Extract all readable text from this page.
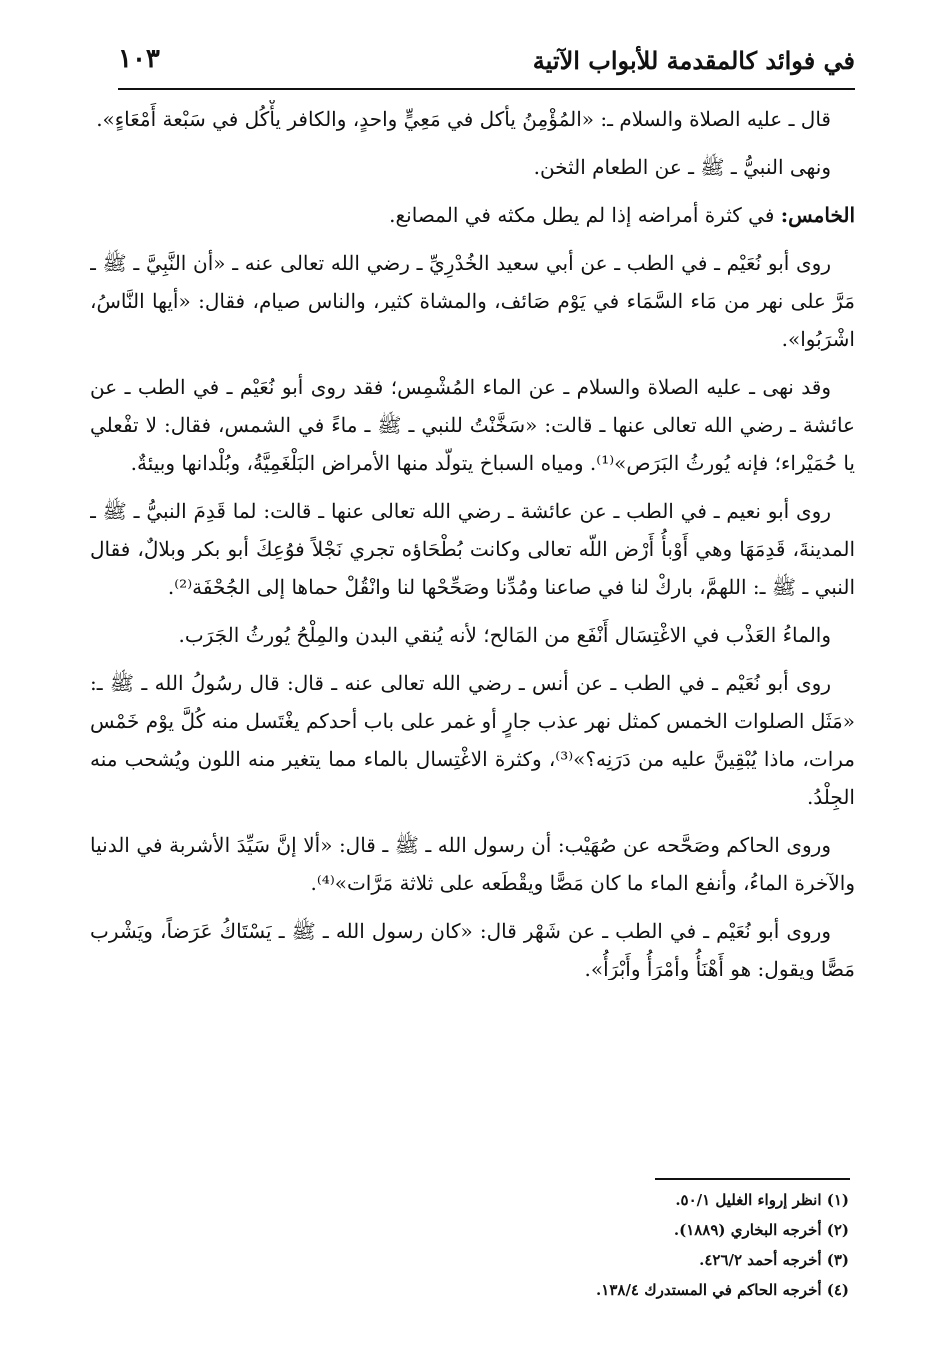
في فوائد كالمقدمة للأبواب الآتية
١٠٣

قال ـ عليه الصلاة والسلام ـ: «المُؤْمِنُ يأكل في مَعِيٍّ واحدٍ، والكافر يأْكُل في سَبْعة أَمْعَاءٍ».

ونهى النبيُّ ـ ﷺ ـ عن الطعام الثخن.

الخامس: في كثرة أمراضه إذا لم يطل مكثه في المصانع.

روى أبو نُعَيْم ـ في الطب ـ عن أبي سعيد الخُدْرِيِّ ـ رضي الله تعالى عنه ـ «أن النَّبِيَّ ـ ﷺ ـ مَرَّ على نهر من مَاء السَّمَاء في يَوْم صَائف، والمشاة كثير، والناس صيام، فقال: «أيها النَّاسُ، اشْرَبُوا».

وقد نهى ـ عليه الصلاة والسلام ـ عن الماء المُشْمِس؛ فقد روى أبو نُعَيْم ـ في الطب ـ عن عائشة ـ رضي الله تعالى عنها ـ قالت: «سَخَّنْتُ للنبي ـ ﷺ ـ ماءً في الشمس، فقال: لا تفْعلي يا حُمَيْراء؛ فإنه يُورثُ البَرَص»⁽¹⁾. ومياه السباخ يتولّد منها الأمراض البَلْغَمِيَّةُ، وبُلْدانها وبيئةٌ.

روى أبو نعيم ـ في الطب ـ عن عائشة ـ رضي الله تعالى عنها ـ قالت: لما قَدِمَ النبيُّ ـ ﷺ ـ المدينةَ، قَدِمَهَا وهي أَوْبأُ أَرْض اللّه تعالى وكانت بُطْحَاؤه تجري نَجْلاً فوُعِكَ أبو بكر وبلالٌ، فقال النبي ـ ﷺ ـ: اللهمَّ، باركْ لنا في صاعنا ومُدِّنا وصَحِّحْها لنا وانْقُلْ حماها إلى الجُحْفَة⁽²⁾.

والماءُ العَذْب في الاغْتِسَال أَنْفَع من المَالح؛ لأنه يُنقي البدن والمِلْحُ يُورثُ الجَرَب.

روى أبو نُعَيْم ـ في الطب ـ عن أنس ـ رضي الله تعالى عنه ـ قال: قال رسُولُ الله ـ ﷺ ـ: «مَثَل الصلوات الخمس كمثل نهر عذب جارٍ أو غمر على باب أحدكم يغْتَسل منه كُلَّ يوْم خَمْس مرات، ماذا يُبْقِينَّ عليه من دَرَنِه؟»⁽³⁾، وكثرة الاغْتِسال بالماء مما يتغير منه اللون ويُشحب منه الجِلْدُ.

وروى الحاكم وصَحَّحه عن صُهَيْب: أن رسول الله ـ ﷺ ـ قال: «ألا إنَّ سَيِّدَ الأشربة في الدنيا والآخرة الماءُ، وأنفع الماء ما كان مَصًّا ويقْطَعه على ثلاثة مَرَّات»⁽⁴⁾.

وروى أبو نُعَيْم ـ في الطب ـ عن شَهْر قال: «كان رسول الله ـ ﷺ ـ يَسْتَاكُ عَرَضاً، ويَشْرب مَصًّا ويقول: هو أَهْنَأُ وأمْرَأُ وأَبْرَأُ».

(١) انظر إرواء الغليل ٥٠/١.

(٢) أخرجه البخاري (١٨٨٩).

(٣) أخرجه أحمد ٤٢٦/٢.

(٤) أخرجه الحاكم في المستدرك ١٣٨/٤.
